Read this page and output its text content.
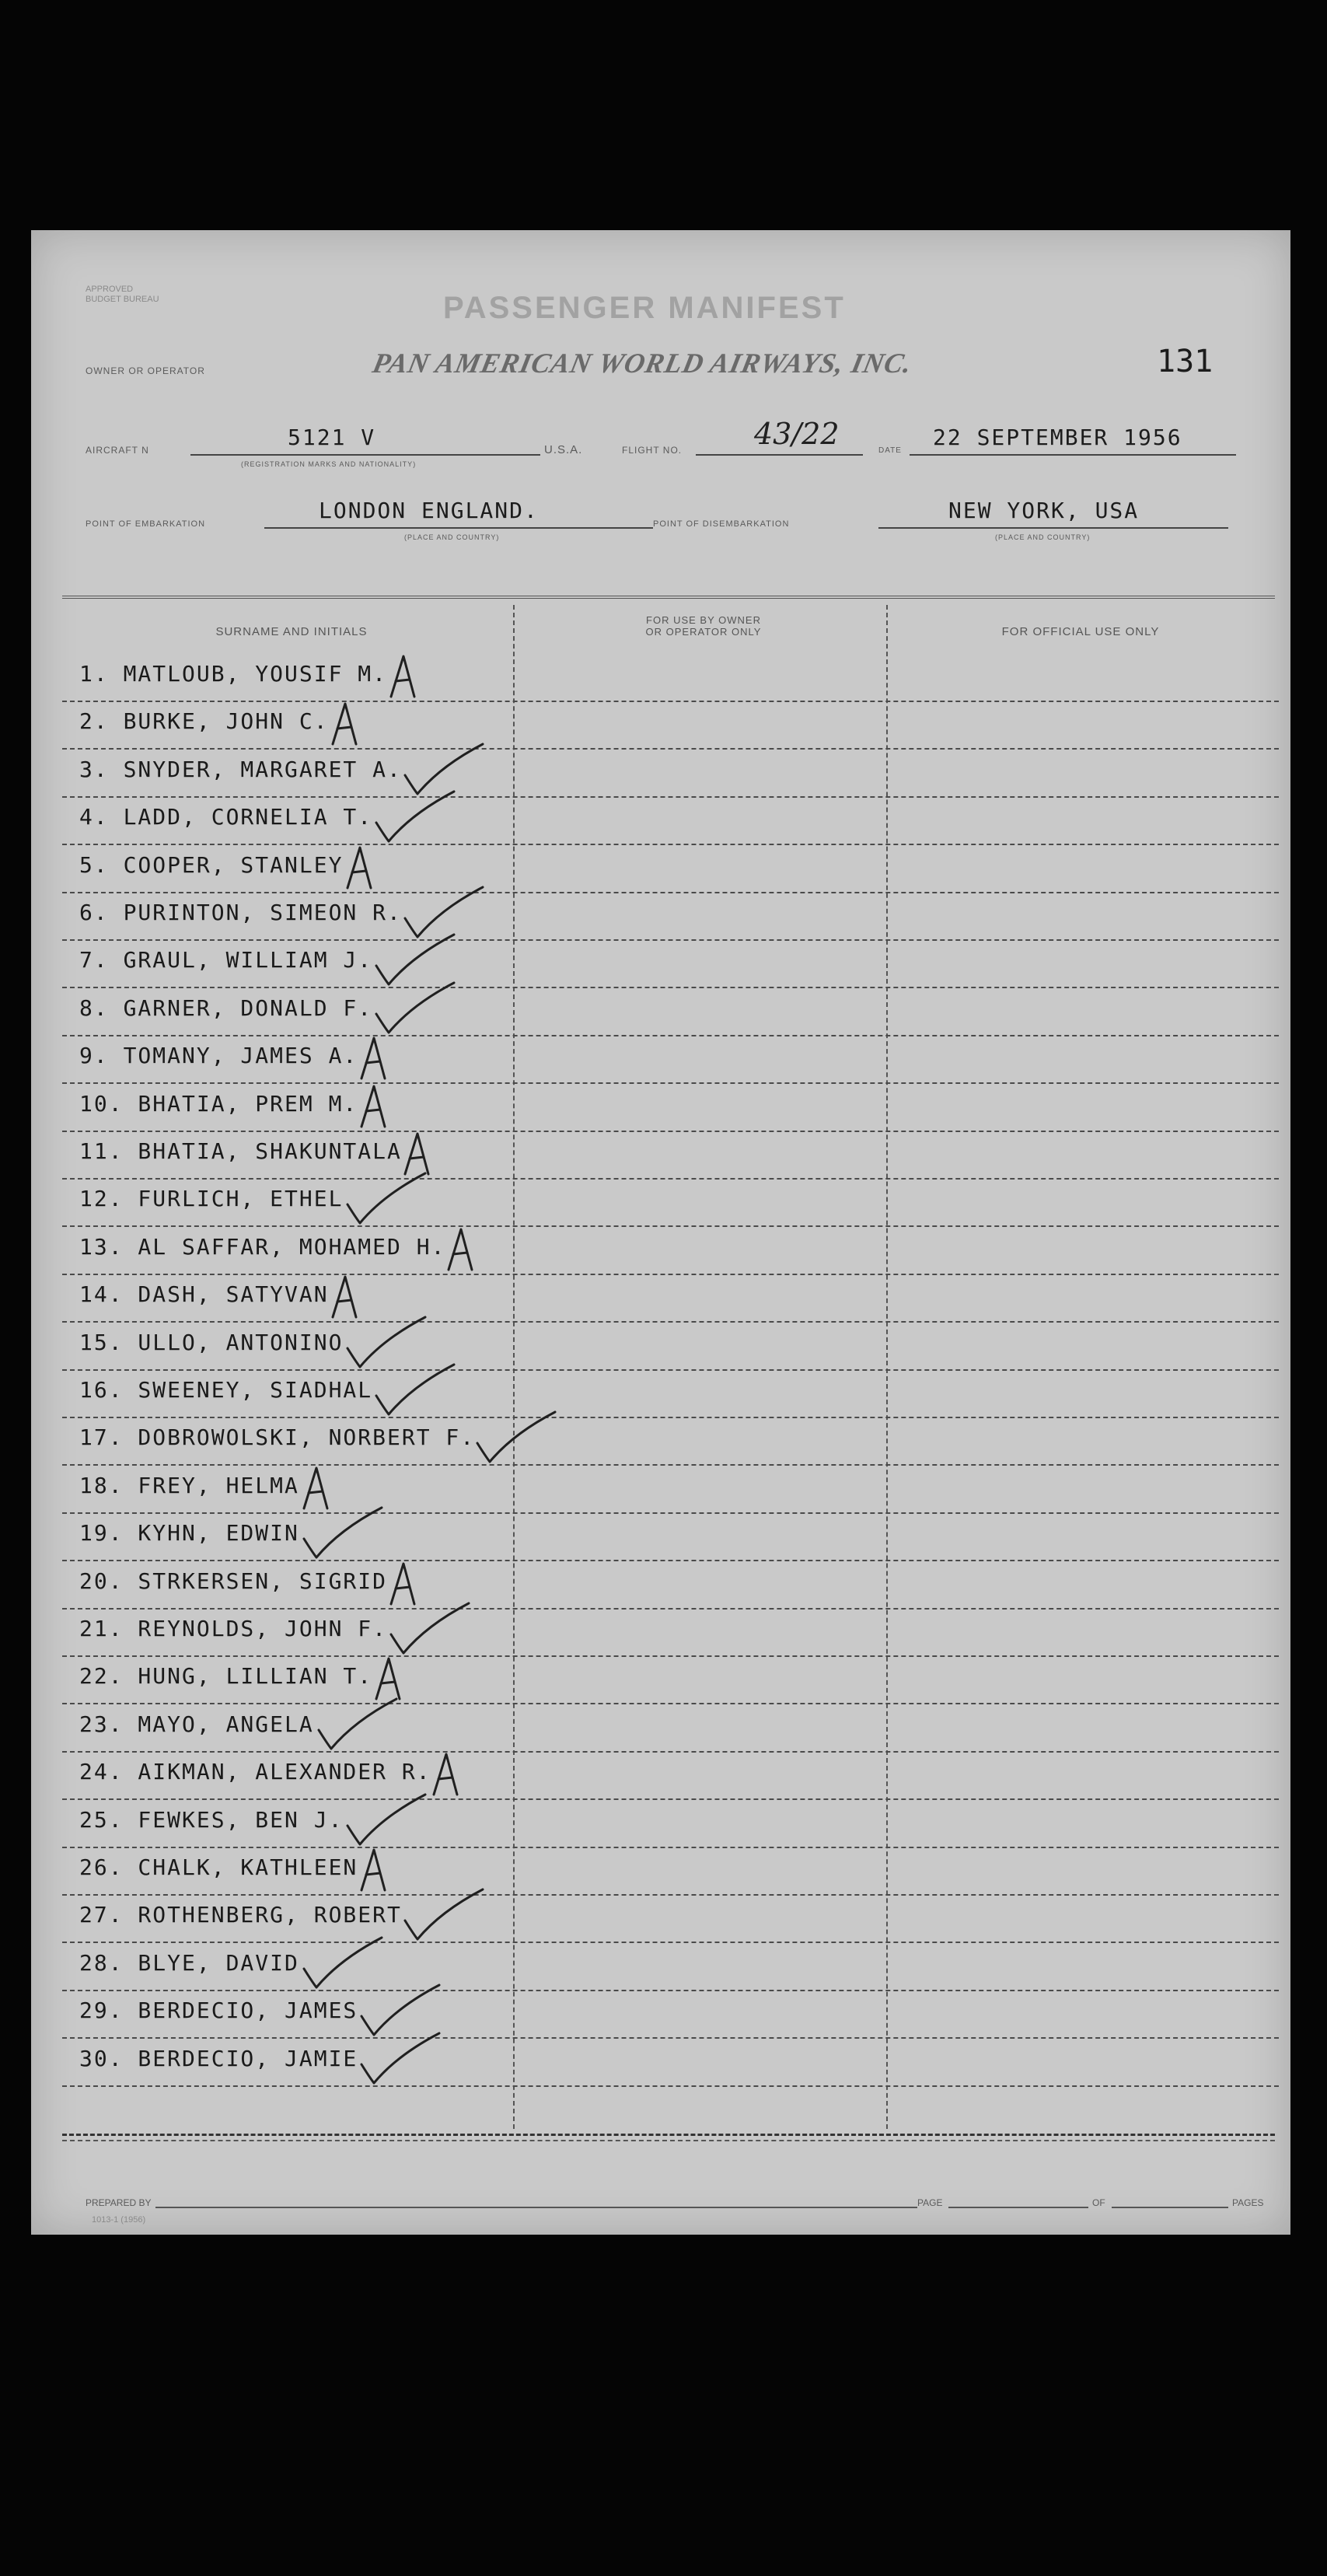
APPROVED
BUDGET BUREAU	PASSENGER MANIFEST
OWNER OR OPERATOR	PAN AMERICAN WORLD AIRWAYS, INC.	131
AIRCRAFT N	5121 V
(REGISTRATION MARKS AND NATIONALITY)
U.S.A.	FLIGHT NO. 43/22	DATE
22 SEPTEMBER 1956
POINT OF EMBARKATION
LONDON ENGLAND.
(PLACE AND COUNTRY)
POINT OF DISEMBARKATION
NEW YORK, USA
(PLACE AND COUNTRY)
SURNAME AND INITIALS
FOR USE BY OWNER
OR OPERATOR ONLY	FOR OFFICIAL USE ONLY
1. MATLOUB, YOUSIF M.
2. BURKE, JOHN C.
3. SNYDER, MARGARET A.
4. LADD, CORNELIA T.
5. COOPER, STANLEY
6. PURINTON, SIMEON R.
7. GRAUL, WILLIAM J.
8. GARNER, DONALD F.
9. TOMANY, JAMES A.
10. BHATIA, PREM M.
11. BHATIA, SHAKUNTALA
12. FURLICH, ETHEL
13. AL SAFFAR, MOHAMED H.
14. DASH, SATYVAN
15. ULLO, ANTONINO
16. SWEENEY, SIADHAL
17. DOBROWOLSKI, NORBERT F.
18. FREY, HELMA
19. KYHN, EDWIN
20. STRKERSEN, SIGRID
21. REYNOLDS, JOHN F.
22. HUNG, LILLIAN T.
23. MAYO, ANGELA
24. AIKMAN, ALEXANDER R.
25. FEWKES, BEN J.
26. CHALK, KATHLEEN
27. ROTHENBERG, ROBERT
28. BLYE, DAVID
29. BERDECIO, JAMES
30. BERDECIO, JAMIE
PREPARED BY	PAGE	OF	PAGES
1013-1 (1956)
